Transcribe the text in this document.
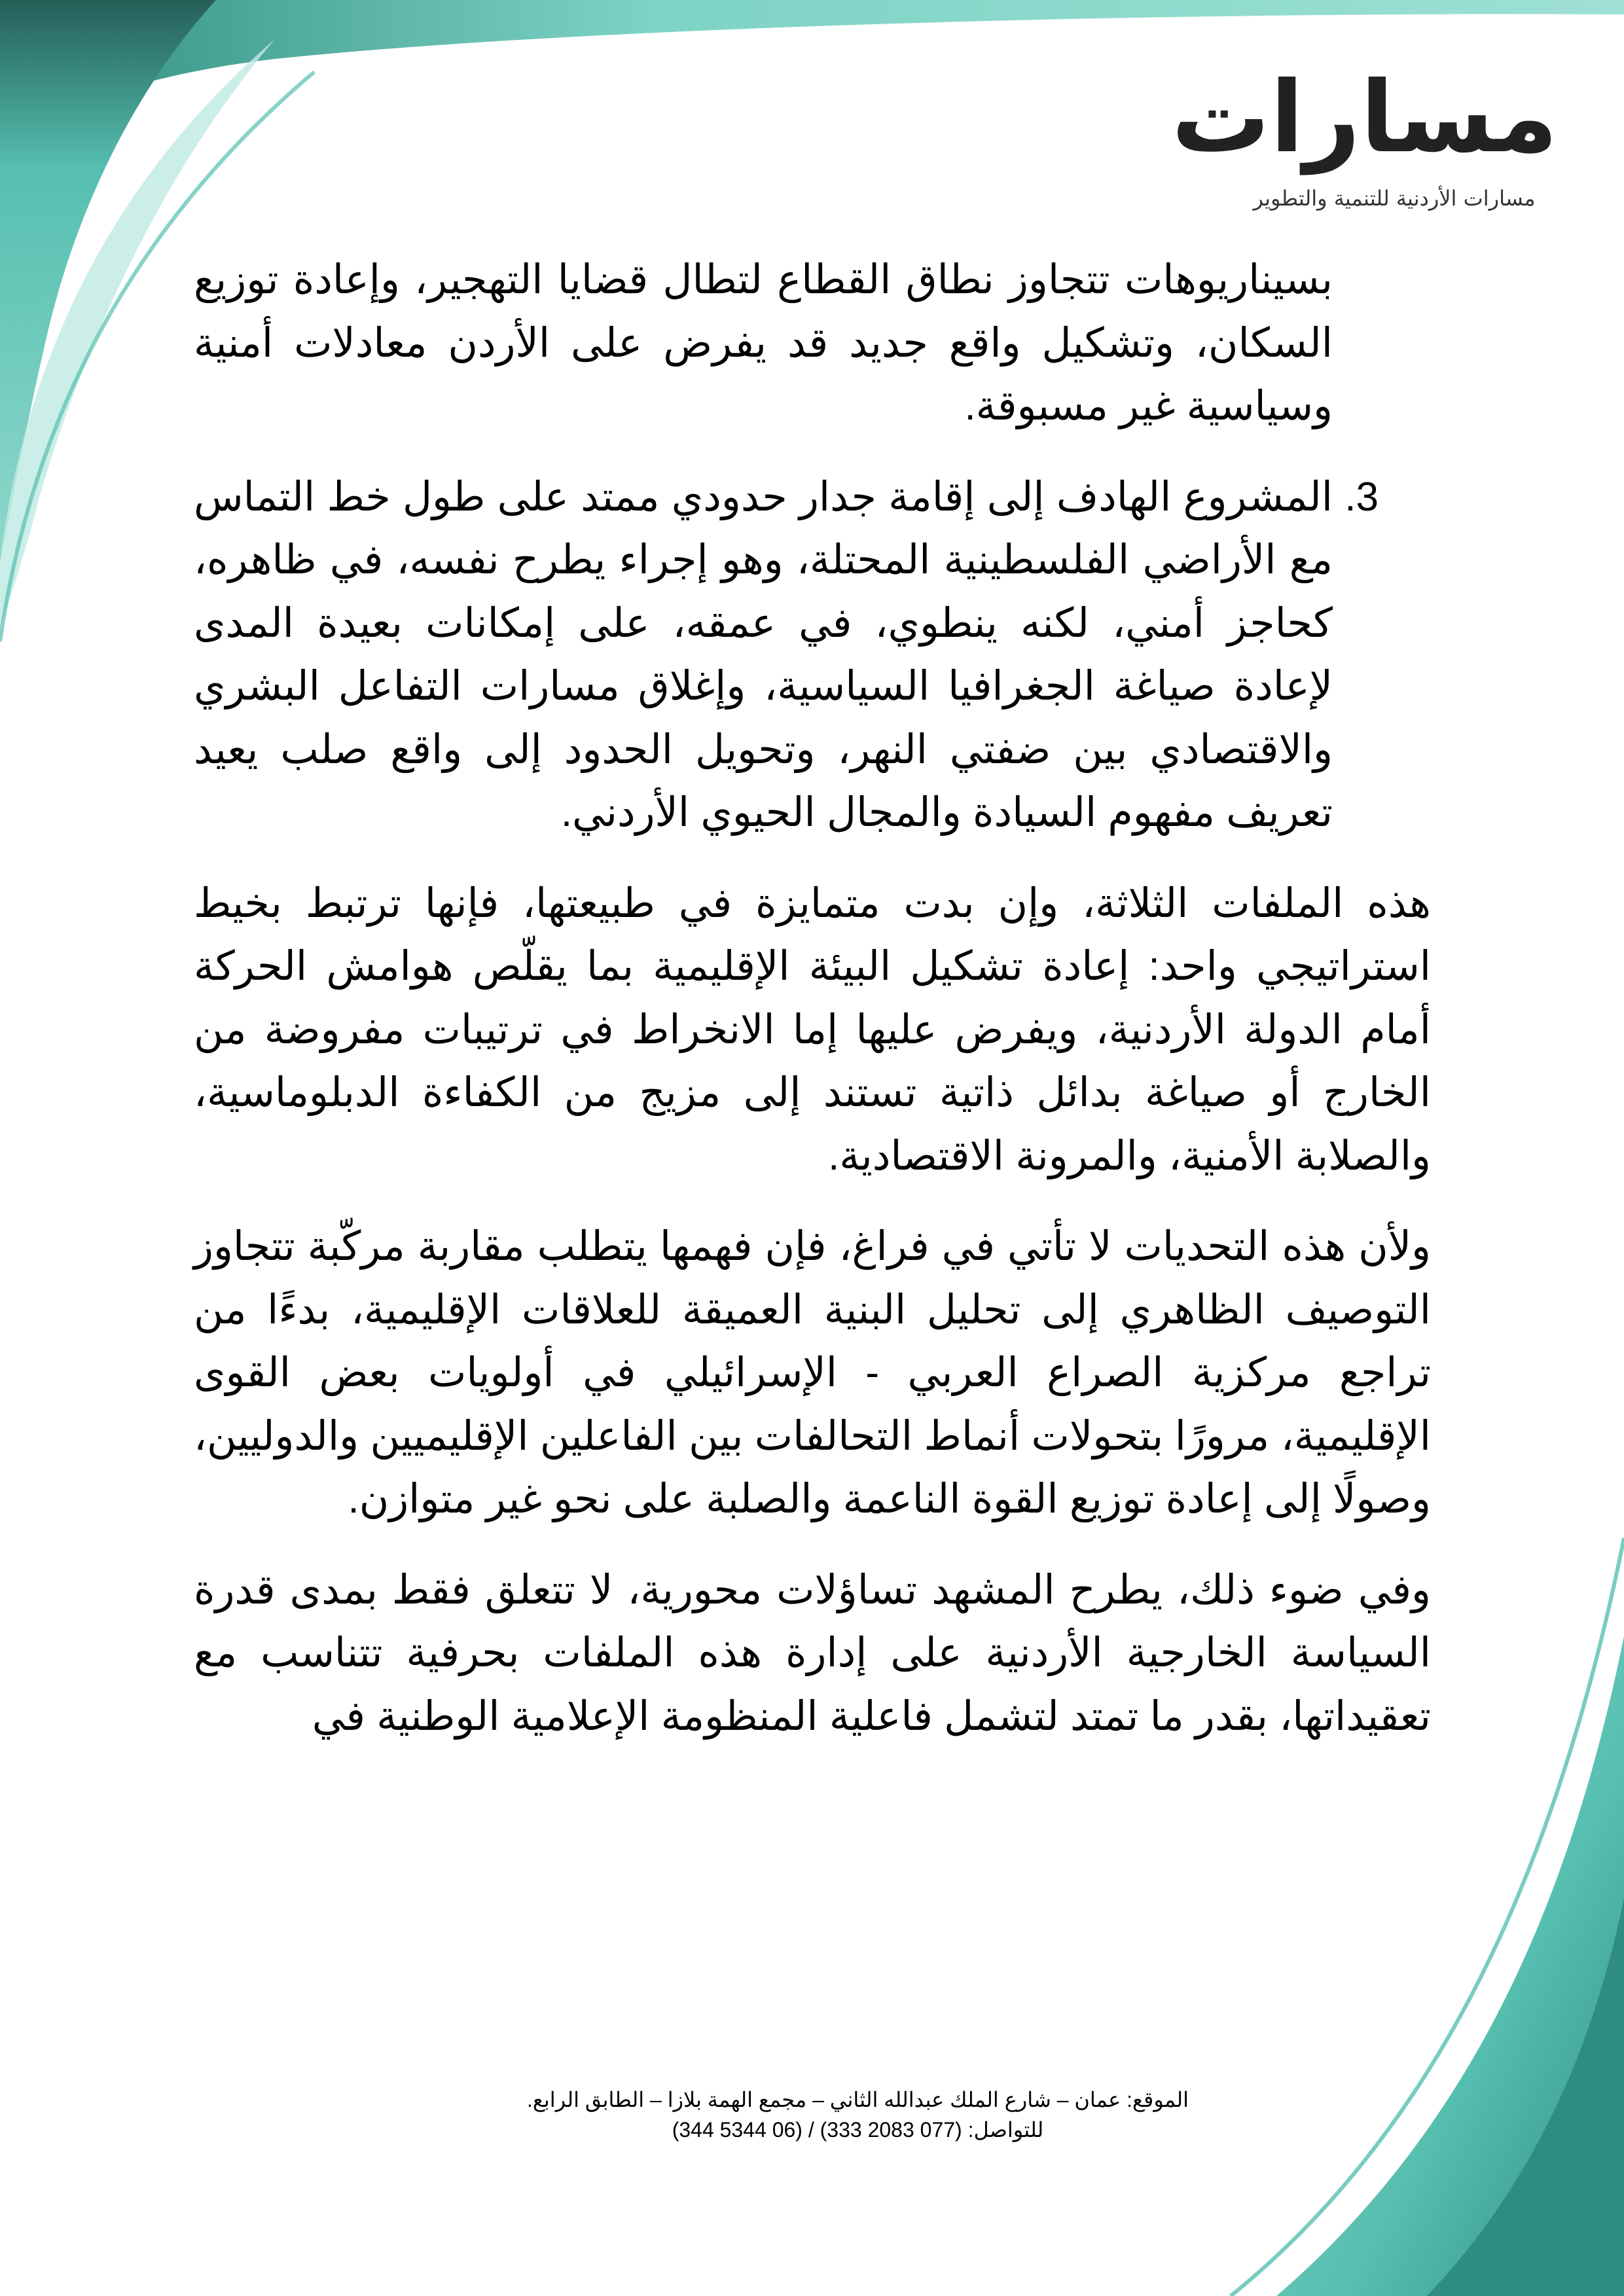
مسارات
مسارات الأردنية للتنمية والتطوير

بسيناريوهات تتجاوز نطاق القطاع لتطال قضايا التهجير، وإعادة توزيع السكان، وتشكيل واقع جديد قد يفرض على الأردن معادلات أمنية وسياسية غير مسبوقة.

3.

المشروع الهادف إلى إقامة جدار حدودي ممتد على طول خط التماس مع الأراضي الفلسطينية المحتلة، وهو إجراء يطرح نفسه، في ظاهره، كحاجز أمني، لكنه ينطوي، في عمقه، على إمكانات بعيدة المدى لإعادة صياغة الجغرافيا السياسية، وإغلاق مسارات التفاعل البشري والاقتصادي بين ضفتي النهر، وتحويل الحدود إلى واقع صلب يعيد تعريف مفهوم السيادة والمجال الحيوي الأردني.

هذه الملفات الثلاثة، وإن بدت متمايزة في طبيعتها، فإنها ترتبط بخيط استراتيجي واحد: إعادة تشكيل البيئة الإقليمية بما يقلّص هوامش الحركة أمام الدولة الأردنية، ويفرض عليها إما الانخراط في ترتيبات مفروضة من الخارج أو صياغة بدائل ذاتية تستند إلى مزيج من الكفاءة الدبلوماسية، والصلابة الأمنية، والمرونة الاقتصادية.

ولأن هذه التحديات لا تأتي في فراغ، فإن فهمها يتطلب مقاربة مركّبة تتجاوز التوصيف الظاهري إلى تحليل البنية العميقة للعلاقات الإقليمية، بدءًا من تراجع مركزية الصراع العربي - الإسرائيلي في أولويات بعض القوى الإقليمية، مرورًا بتحولات أنماط التحالفات بين الفاعلين الإقليميين والدوليين، وصولًا إلى إعادة توزيع القوة الناعمة والصلبة على نحو غير متوازن.

وفي ضوء ذلك، يطرح المشهد تساؤلات محورية، لا تتعلق فقط بمدى قدرة السياسة الخارجية الأردنية على إدارة هذه الملفات بحرفية تتناسب مع تعقيداتها، بقدر ما تمتد لتشمل فاعلية المنظومة الإعلامية الوطنية في

الموقع: عمان – شارع الملك عبدالله الثاني – مجمع الهمة بلازا – الطابق الرابع.
للتواصل: (077 2083 333) / (06 5344 344)
